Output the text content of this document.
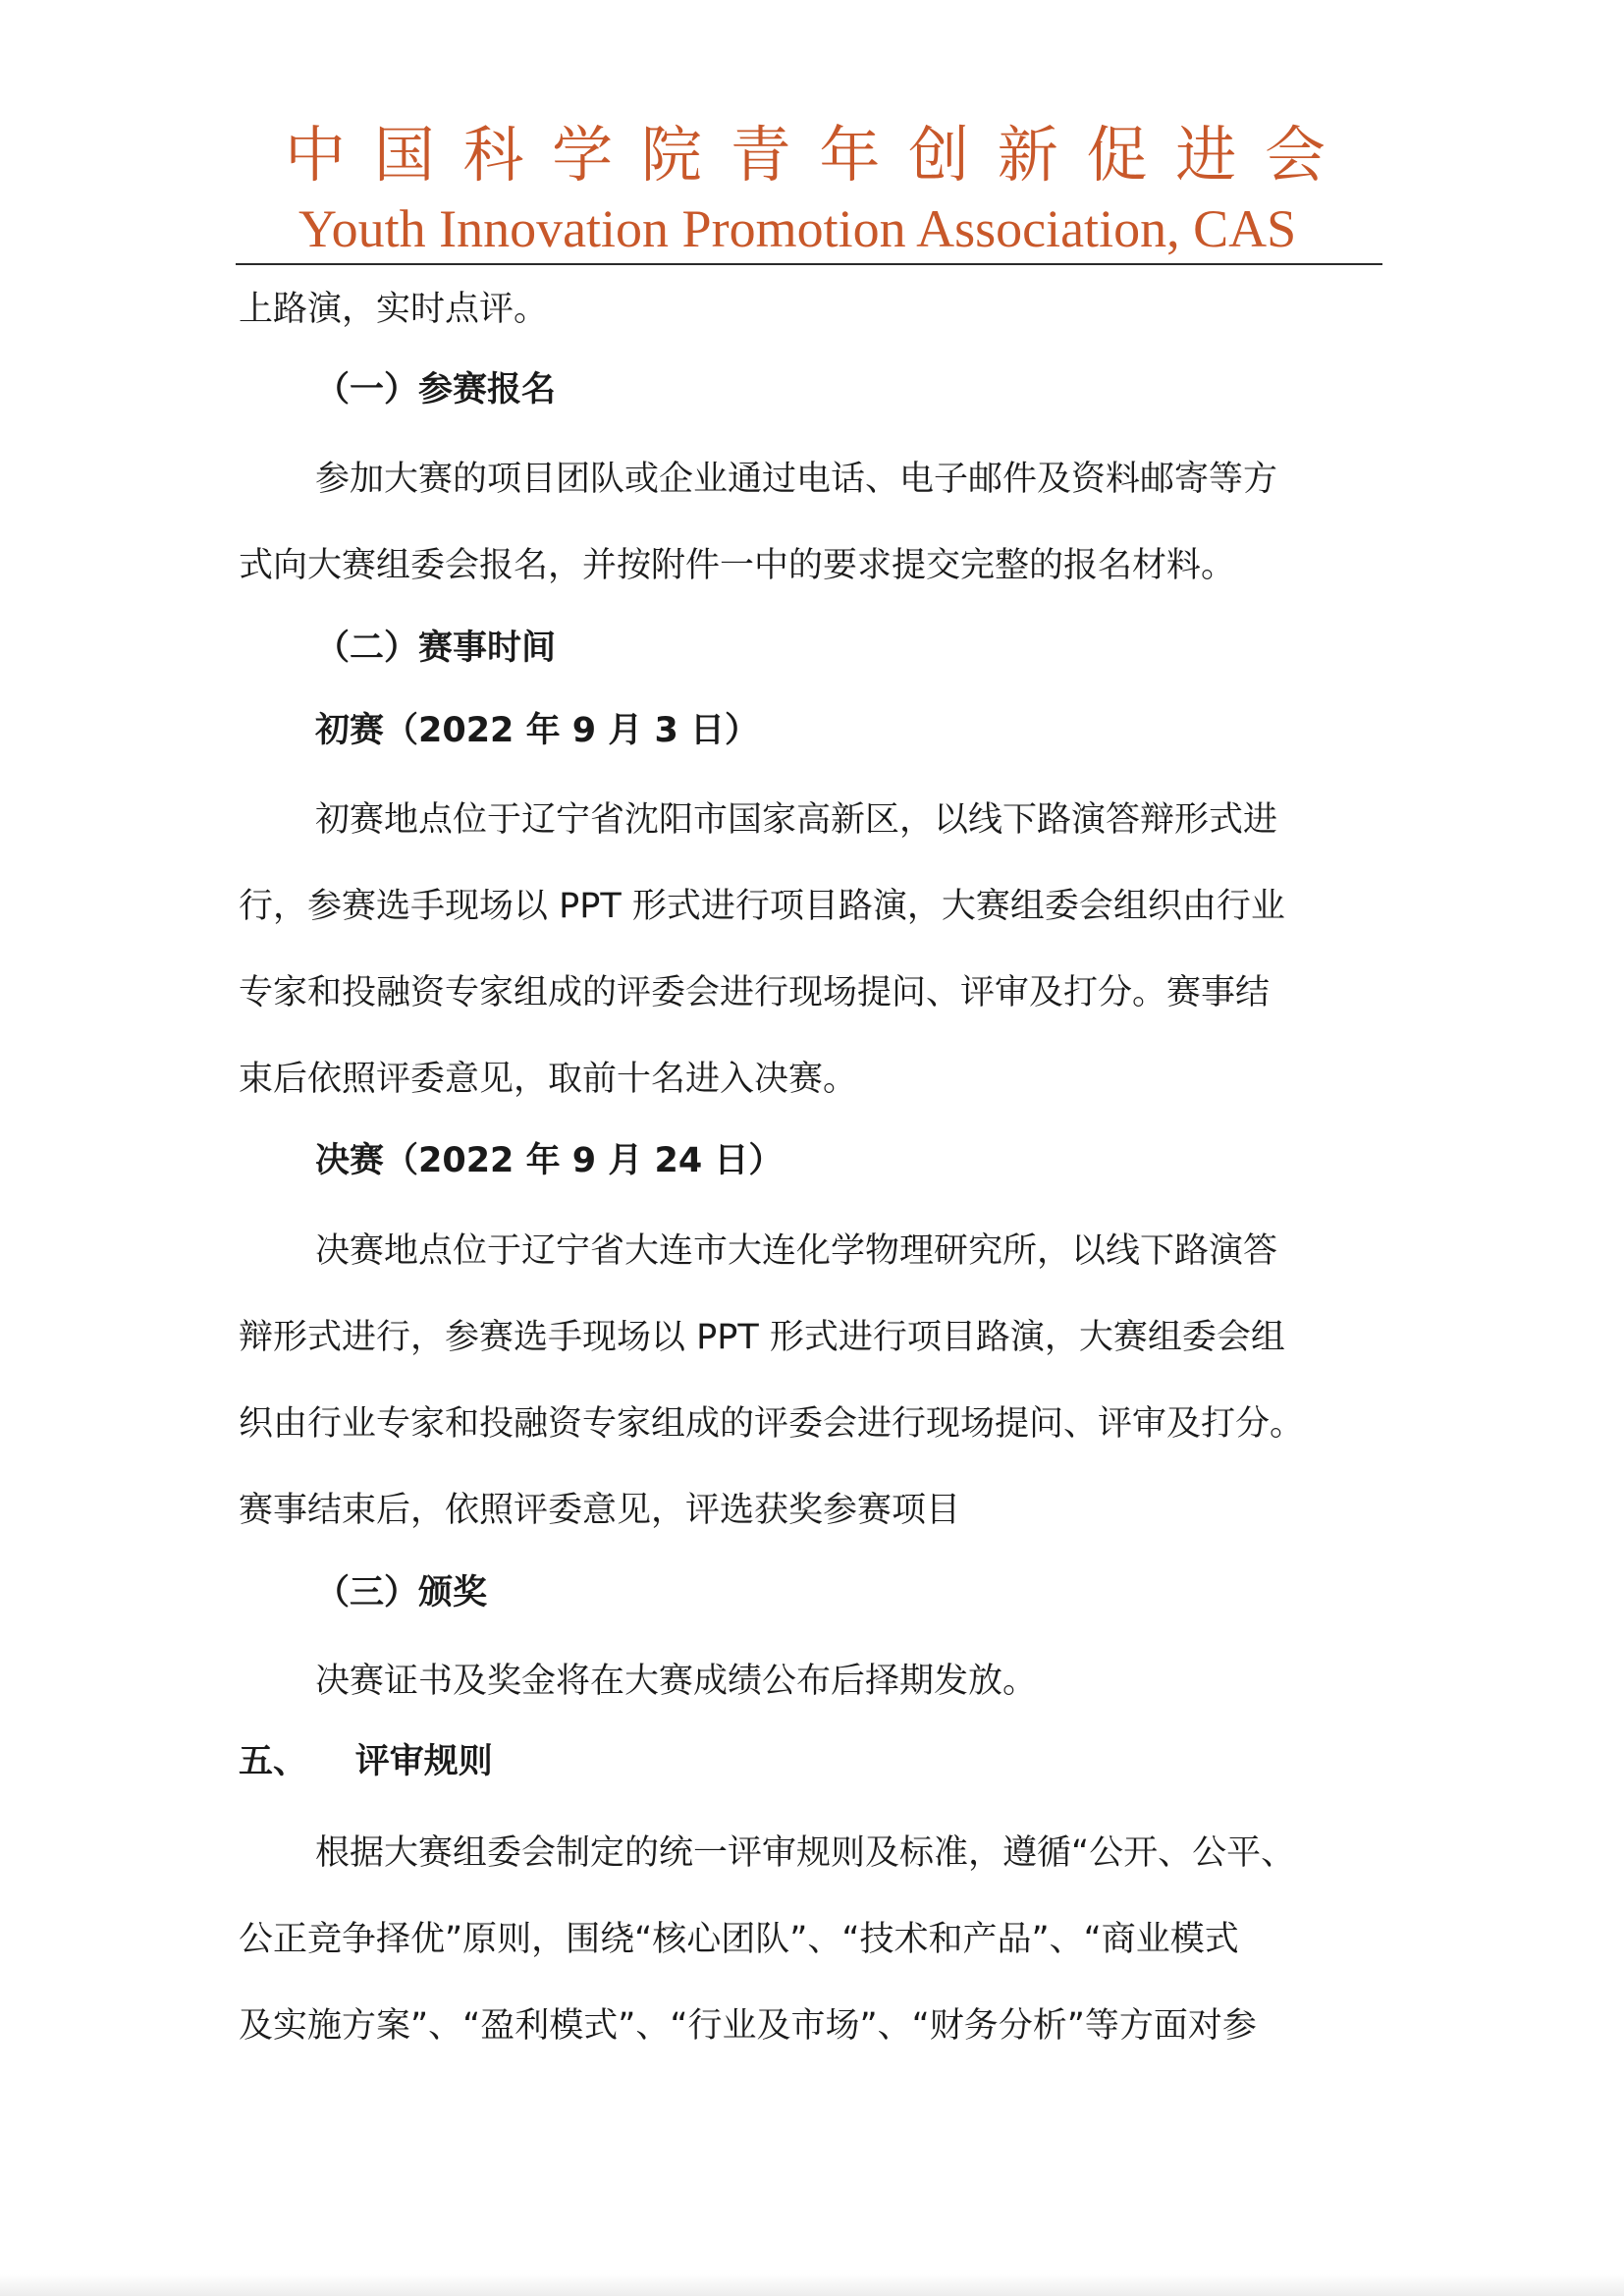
中国科学院青年创新促进会
Youth Innovation Promotion Association, CAS
上路演，实时点评。
（一）参赛报名
参加大赛的项目团队或企业通过电话、电子邮件及资料邮寄等方
式向大赛组委会报名，并按附件一中的要求提交完整的报名材料。
（二）赛事时间
初赛（2022 年 9 月 3 日）
初赛地点位于辽宁省沈阳市国家高新区，以线下路演答辩形式进
行，参赛选手现场以 PPT 形式进行项目路演，大赛组委会组织由行业
专家和投融资专家组成的评委会进行现场提问、评审及打分。赛事结
束后依照评委意见，取前十名进入决赛。
决赛（2022 年 9 月 24 日）
决赛地点位于辽宁省大连市大连化学物理研究所，以线下路演答
辩形式进行，参赛选手现场以 PPT 形式进行项目路演，大赛组委会组
织由行业专家和投融资专家组成的评委会进行现场提问、评审及打分。
赛事结束后，依照评委意见，评选获奖参赛项目
（三）颁奖
决赛证书及奖金将在大赛成绩公布后择期发放。
五、    评审规则
根据大赛组委会制定的统一评审规则及标准，遵循“公开、公平、
公正竞争择优”原则，围绕“核心团队”、“技术和产品”、“商业模式
及实施方案”、“盈利模式”、“行业及市场”、“财务分析”等方面对参
